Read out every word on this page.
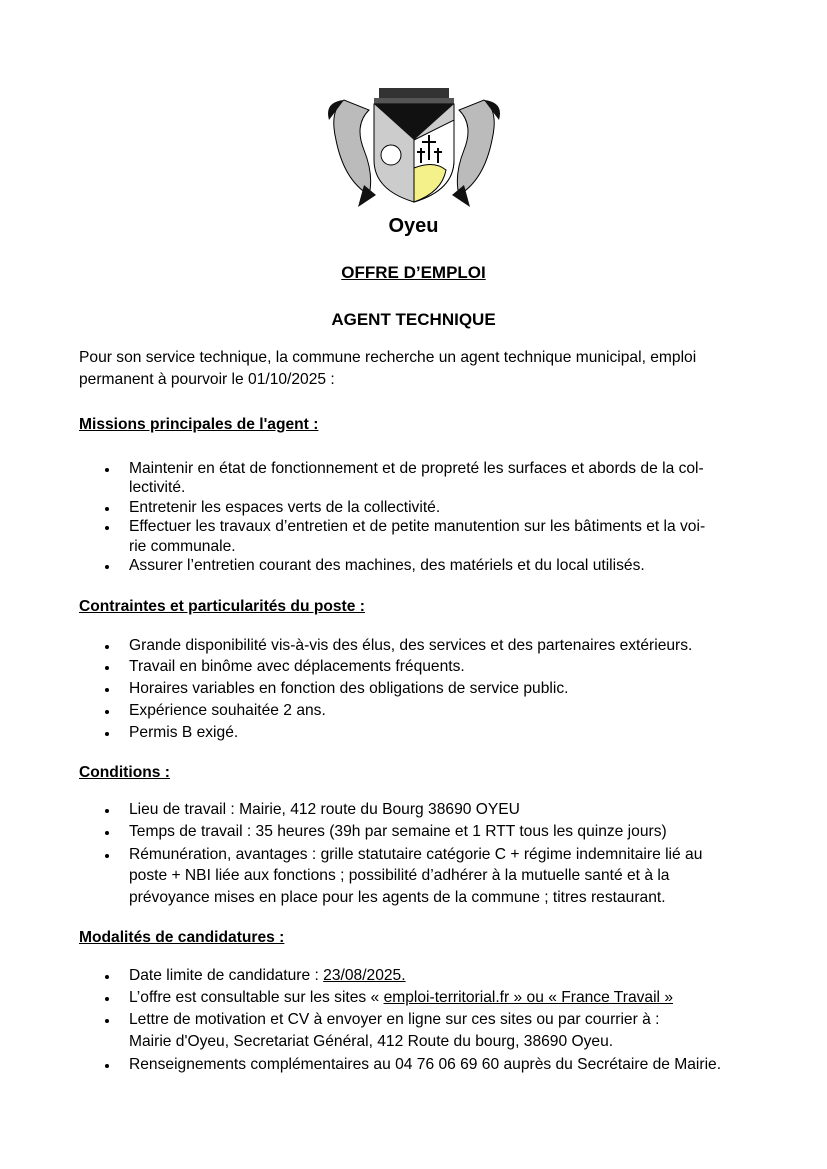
Oyeu
OFFRE D’EMPLOI
AGENT TECHNIQUE
Pour son service technique, la commune recherche un agent technique municipal, emploi
permanent à pourvoir le 01/10/2025 :
Missions principales de l'agent :
Maintenir en état de fonctionnement et de propreté les surfaces et abords de la col-
lectivité.
Entretenir les espaces verts de la collectivité.
Effectuer les travaux d’entretien et de petite manutention sur les bâtiments et la voi-
rie communale.
Assurer l’entretien courant des machines, des matériels et du local utilisés.
Contraintes et particularités du poste :
Grande disponibilité vis-à-vis des élus, des services et des partenaires extérieurs.
Travail en binôme avec déplacements fréquents.
Horaires variables en fonction des obligations de service public.
Expérience souhaitée 2 ans.
Permis B exigé.
Conditions :
Lieu de travail : Mairie, 412 route du Bourg 38690 OYEU
Temps de travail : 35 heures (39h par semaine et 1 RTT tous les quinze jours)
Rémunération, avantages : grille statutaire catégorie C + régime indemnitaire lié au
poste + NBI liée aux fonctions ; possibilité d’adhérer à la mutuelle santé et à la
prévoyance mises en place pour les agents de la commune ; titres restaurant.
Modalités de candidatures :
Date limite de candidature : 23/08/2025.
L’offre est consultable sur les sites « emploi-territorial.fr » ou « France Travail »
Lettre de motivation et CV à envoyer en ligne sur ces sites ou par courrier à :
Mairie d'Oyeu, Secretariat Général, 412 Route du bourg, 38690 Oyeu.
Renseignements complémentaires au 04 76 06 69 60 auprès du Secrétaire de Mairie.
